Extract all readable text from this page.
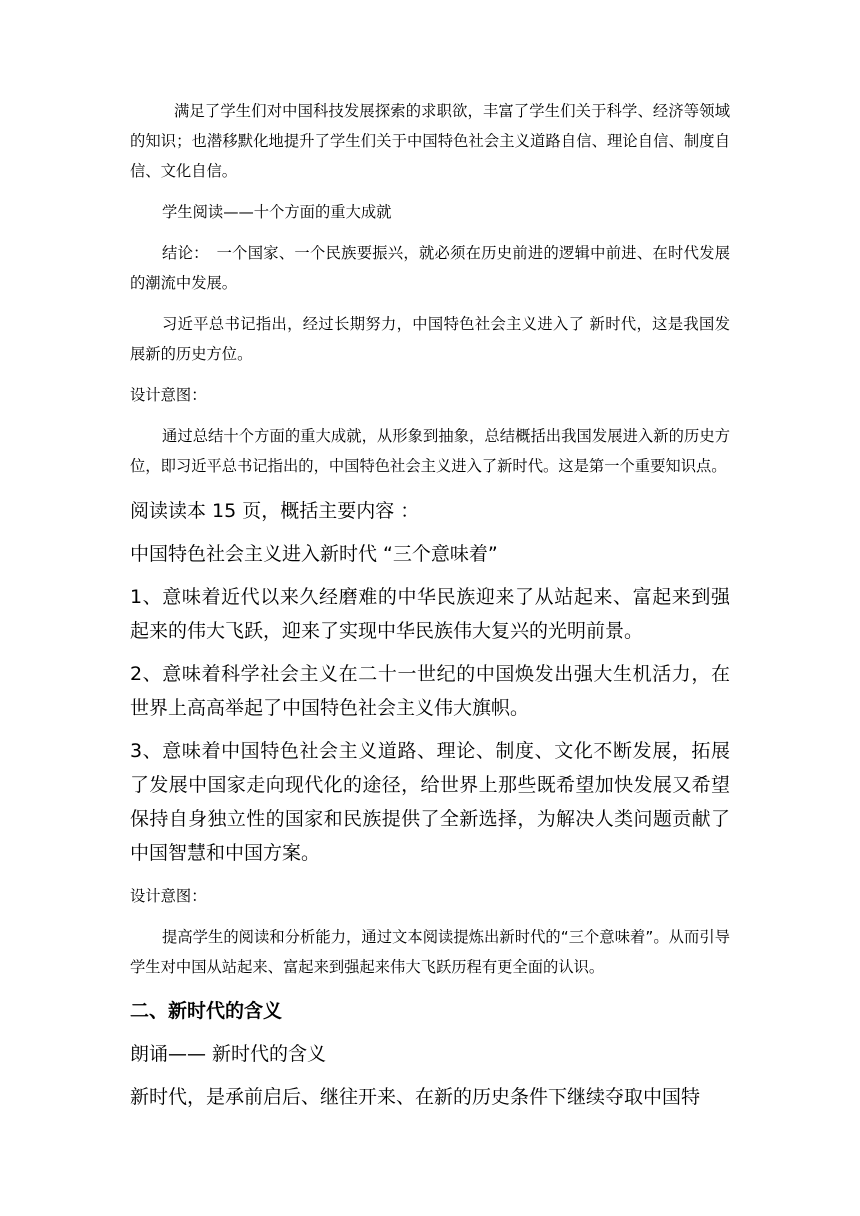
满足了学生们对中国科技发展探索的求职欲，丰富了学生们关于科学、经济等领域的知识；也潜移默化地提升了学生们关于中国特色社会主义道路自信、理论自信、制度自信、文化自信。

学生阅读——十个方面的重大成就

结论：　一个国家、一个民族要振兴，就必须在历史前进的逻辑中前进、在时代发展的潮流中发展。

习近平总书记指出，经过长期努力，中国特色社会主义进入了 新时代，这是我国发展新的历史方位。

设计意图：

通过总结十个方面的重大成就，从形象到抽象，总结概括出我国发展进入新的历史方位，即习近平总书记指出的，中国特色社会主义进入了新时代。这是第一个重要知识点。

阅读读本 15 页，概括主要内容 ：

中国特色社会主义进入新时代 “三个意味着”

1、意味着近代以来久经磨难的中华民族迎来了从站起来、富起来到强起来的伟大飞跃，迎来了实现中华民族伟大复兴的光明前景。

2、意味着科学社会主义在二十一世纪的中国焕发出强大生机活力，在世界上高高举起了中国特色社会主义伟大旗帜。

3、意味着中国特色社会主义道路、理论、制度、文化不断发展，拓展了发展中国家走向现代化的途径，给世界上那些既希望加快发展又希望保持自身独立性的国家和民族提供了全新选择，为解决人类问题贡献了中国智慧和中国方案。

设计意图：

提高学生的阅读和分析能力，通过文本阅读提炼出新时代的“三个意味着”。从而引导学生对中国从站起来、富起来到强起来伟大飞跃历程有更全面的认识。

二、新时代的含义

朗诵—— 新时代的含义

新时代，是承前启后、继往开来、在新的历史条件下继续夺取中国特
